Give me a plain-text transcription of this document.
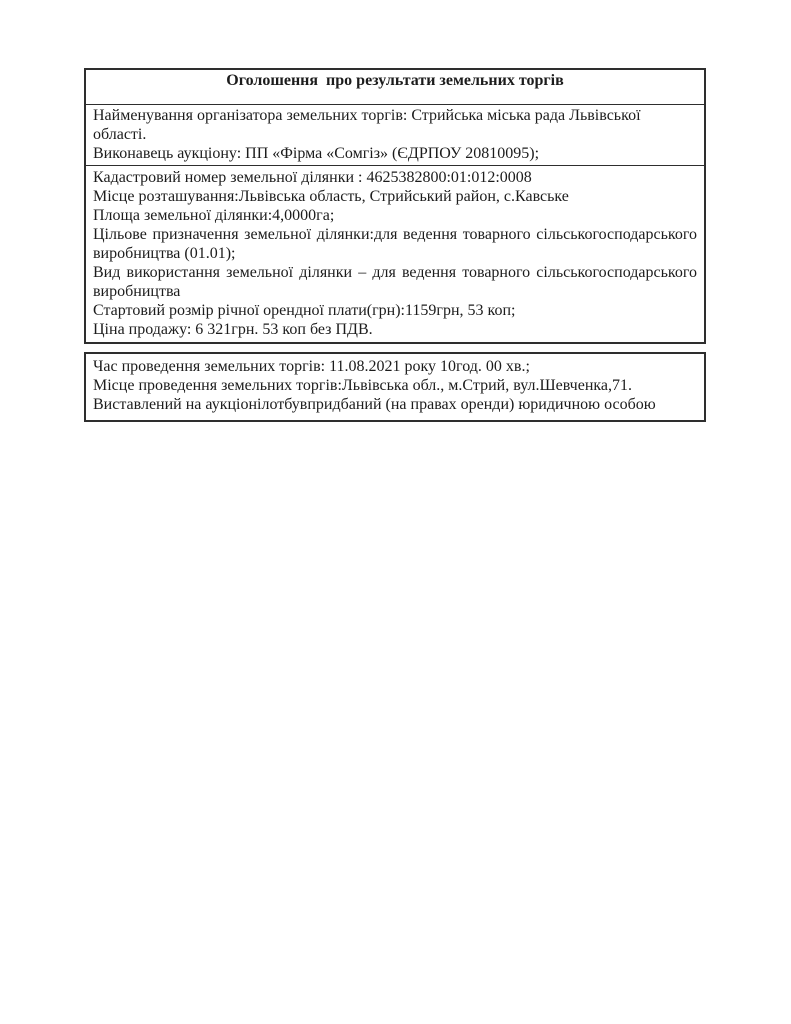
Оголошення  про результати земельних торгів
Найменування організатора земельних торгів: Стрийська міська рада Львівської області.
Виконавець аукціону: ПП «Фірма «Сомгіз» (ЄДРПОУ 20810095);
Кадастровий номер земельної ділянки : 4625382800:01:012:0008
Місце розташування:Львівська область, Стрийський район, с.Кавське
Площа земельної ділянки:4,0000га;
Цільове призначення земельної ділянки:для ведення товарного сільськогосподарського
виробництва (01.01);
Вид використання земельної ділянки – для ведення товарного сільськогосподарського
виробництва
Стартовий розмір річної орендної плати(грн):1159грн, 53 коп;
Ціна продажу: 6 321грн. 53 коп без ПДВ.
Час проведення земельних торгів: 11.08.2021 року 10год. 00 хв.;
Місце проведення земельних торгів:Львівська обл., м.Стрий, вул.Шевченка,71.
Виставлений на аукціонілотбувпридбаний (на правах оренди) юридичною особою
